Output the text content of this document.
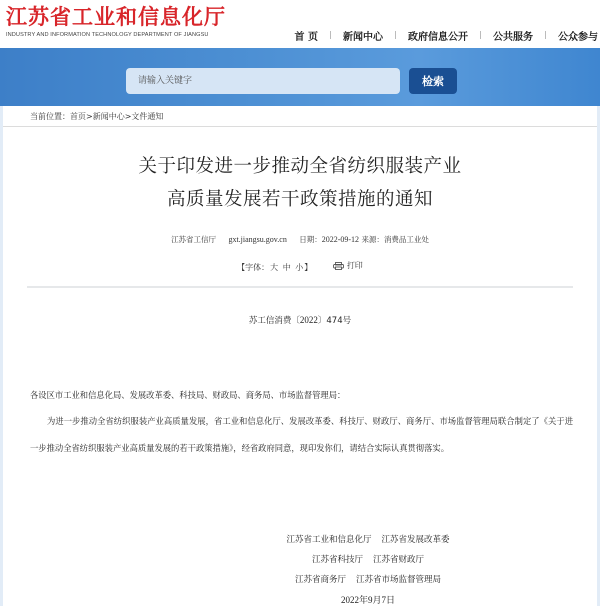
江苏省工业和信息化厅
INDUSTRY AND INFORMATION TECHNOLOGY DEPARTMENT OF JIANGSU	首 页	新闻中心	政府信息公开	公共服务	公众参与
请输入关键字	检索
当前位置：首页>新闻中心>文件通知
关于印发进一步推动全省纺织服装产业
高质量发展若干政策措施的通知
江苏省工信厅 gxt.jiangsu.gov.cn 日期：2022-09-12 来源：消费品工业处
【字体：大 中 小】	打印
苏工信消费〔2022〕474号
各设区市工业和信息化局、发展改革委、科技局、财政局、商务局、市场监督管理局：
为进一步推动全省纺织服装产业高质量发展，省工业和信息化厅、发展改革委、科技厅、财政厅、商务厅、市场监督管理局联合制定了《关于进一步推动全省纺织服装产业高质量发展的若干政策措施》，经省政府同意，现印发你们，请结合实际认真贯彻落实。
江苏省工业和信息化厅 江苏省发展改革委
江苏省科技厅 江苏省财政厅
江苏省商务厅 江苏省市场监督管理局
2022年9月7日
